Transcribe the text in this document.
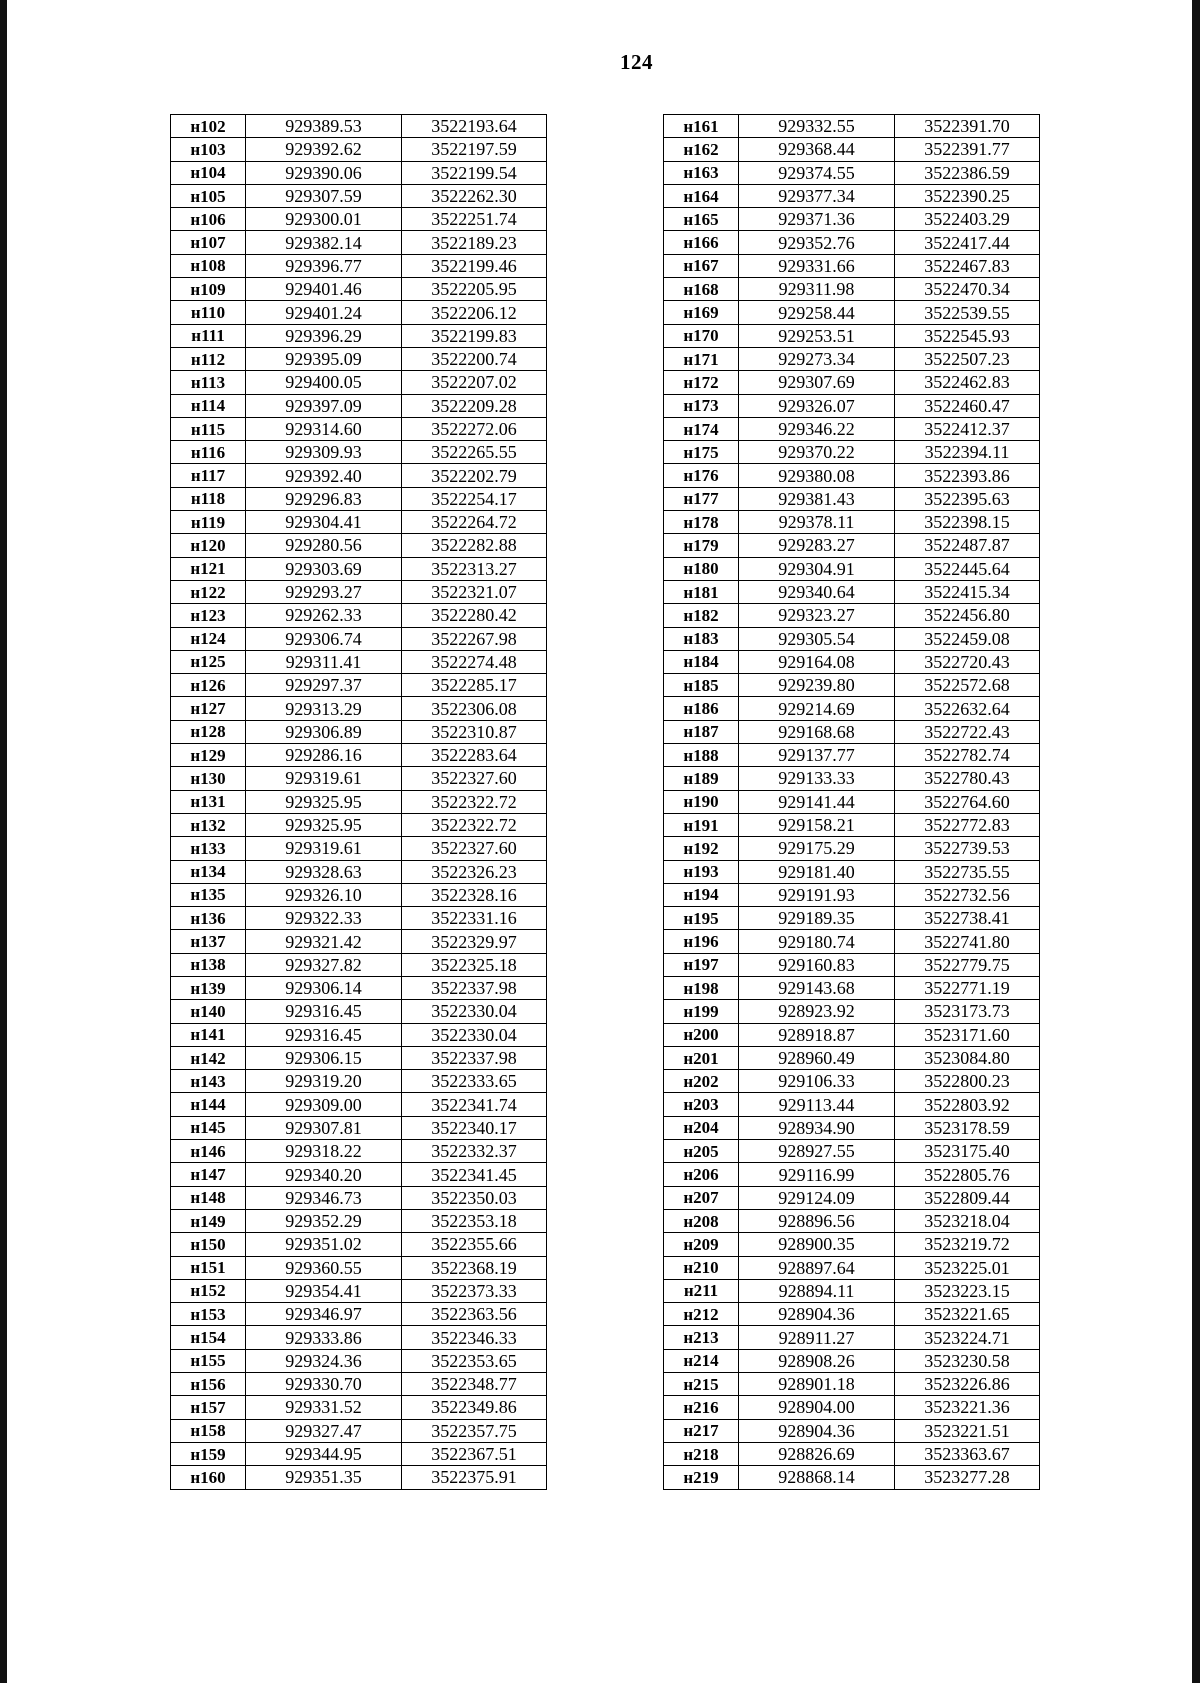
124
н102	929389.53	3522193.64
н103	929392.62	3522197.59
н104	929390.06	3522199.54
н105	929307.59	3522262.30
н106	929300.01	3522251.74
н107	929382.14	3522189.23
н108	929396.77	3522199.46
н109	929401.46	3522205.95
н110	929401.24	3522206.12
н111	929396.29	3522199.83
н112	929395.09	3522200.74
н113	929400.05	3522207.02
н114	929397.09	3522209.28
н115	929314.60	3522272.06
н116	929309.93	3522265.55
н117	929392.40	3522202.79
н118	929296.83	3522254.17
н119	929304.41	3522264.72
н120	929280.56	3522282.88
н121	929303.69	3522313.27
н122	929293.27	3522321.07
н123	929262.33	3522280.42
н124	929306.74	3522267.98
н125	929311.41	3522274.48
н126	929297.37	3522285.17
н127	929313.29	3522306.08
н128	929306.89	3522310.87
н129	929286.16	3522283.64
н130	929319.61	3522327.60
н131	929325.95	3522322.72
н132	929325.95	3522322.72
н133	929319.61	3522327.60
н134	929328.63	3522326.23
н135	929326.10	3522328.16
н136	929322.33	3522331.16
н137	929321.42	3522329.97
н138	929327.82	3522325.18
н139	929306.14	3522337.98
н140	929316.45	3522330.04
н141	929316.45	3522330.04
н142	929306.15	3522337.98
н143	929319.20	3522333.65
н144	929309.00	3522341.74
н145	929307.81	3522340.17
н146	929318.22	3522332.37
н147	929340.20	3522341.45
н148	929346.73	3522350.03
н149	929352.29	3522353.18
н150	929351.02	3522355.66
н151	929360.55	3522368.19
н152	929354.41	3522373.33
н153	929346.97	3522363.56
н154	929333.86	3522346.33
н155	929324.36	3522353.65
н156	929330.70	3522348.77
н157	929331.52	3522349.86
н158	929327.47	3522357.75
н159	929344.95	3522367.51
н160	929351.35	3522375.91
н161	929332.55	3522391.70
н162	929368.44	3522391.77
н163	929374.55	3522386.59
н164	929377.34	3522390.25
н165	929371.36	3522403.29
н166	929352.76	3522417.44
н167	929331.66	3522467.83
н168	929311.98	3522470.34
н169	929258.44	3522539.55
н170	929253.51	3522545.93
н171	929273.34	3522507.23
н172	929307.69	3522462.83
н173	929326.07	3522460.47
н174	929346.22	3522412.37
н175	929370.22	3522394.11
н176	929380.08	3522393.86
н177	929381.43	3522395.63
н178	929378.11	3522398.15
н179	929283.27	3522487.87
н180	929304.91	3522445.64
н181	929340.64	3522415.34
н182	929323.27	3522456.80
н183	929305.54	3522459.08
н184	929164.08	3522720.43
н185	929239.80	3522572.68
н186	929214.69	3522632.64
н187	929168.68	3522722.43
н188	929137.77	3522782.74
н189	929133.33	3522780.43
н190	929141.44	3522764.60
н191	929158.21	3522772.83
н192	929175.29	3522739.53
н193	929181.40	3522735.55
н194	929191.93	3522732.56
н195	929189.35	3522738.41
н196	929180.74	3522741.80
н197	929160.83	3522779.75
н198	929143.68	3522771.19
н199	928923.92	3523173.73
н200	928918.87	3523171.60
н201	928960.49	3523084.80
н202	929106.33	3522800.23
н203	929113.44	3522803.92
н204	928934.90	3523178.59
н205	928927.55	3523175.40
н206	929116.99	3522805.76
н207	929124.09	3522809.44
н208	928896.56	3523218.04
н209	928900.35	3523219.72
н210	928897.64	3523225.01
н211	928894.11	3523223.15
н212	928904.36	3523221.65
н213	928911.27	3523224.71
н214	928908.26	3523230.58
н215	928901.18	3523226.86
н216	928904.00	3523221.36
н217	928904.36	3523221.51
н218	928826.69	3523363.67
н219	928868.14	3523277.28
